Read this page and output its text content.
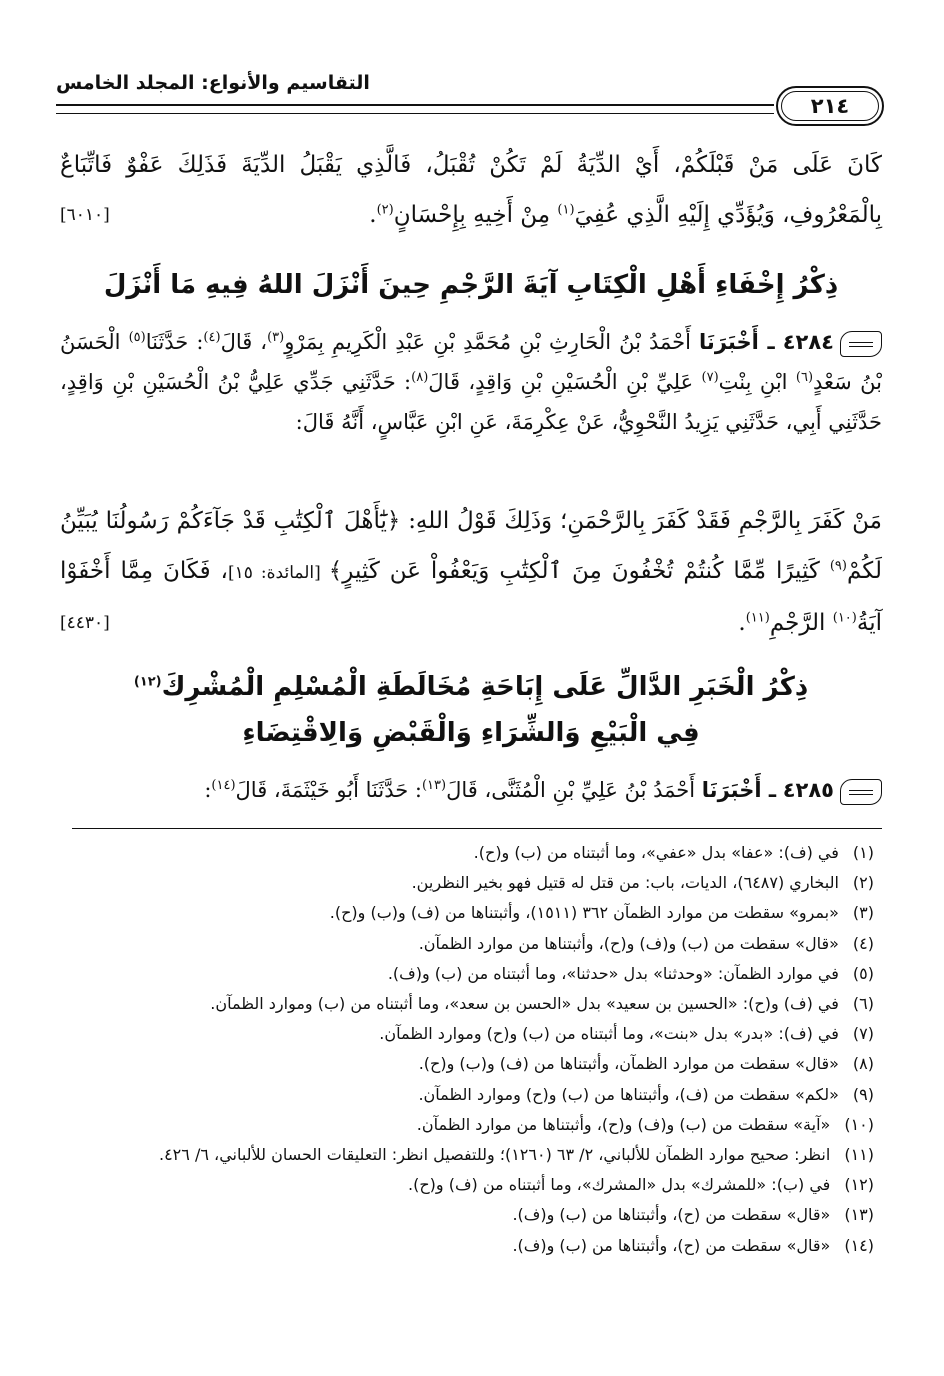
٢١٤
التقاسيم والأنواع: المجلد الخامس
كَانَ عَلَى مَنْ قَبْلَكُمْ، أَيْ الدِّيَةُ لَمْ تَكُنْ تُقْبَلُ، فَالَّذِي يَقْبَلُ الدِّيَةَ فَذَلِكَ عَفْوٌ فَاتِّبَاعٌ بِالْمَعْرُوفِ، وَيُؤَدِّي إِلَيْهِ الَّذِي عُفِيَ$^{(١)}$ مِنْ أَخِيهِ بِإِحْسَانٍ$^{(٢)}$.
[٦٠١٠]
ذِكْرُ إِخْفَاءِ أَهْلِ الْكِتَابِ آيَةَ الرَّجْمِ حِينَ أَنْزَلَ اللهُ فِيهِ مَا أَنْزَلَ
٤٢٨٤ ـ أَخْبَرَنَا أَحْمَدُ بْنُ الْحَارِثِ بْنِ مُحَمَّدِ بْنِ عَبْدِ الْكَرِيمِ بِمَرْوٍ$^{(٣)}$، قَالَ$^{(٤)}$: حَدَّثَنَا$^{(٥)}$ الْحَسَنُ بْنُ سَعْدٍ$^{(٦)}$ ابْنِ بِنْتِ$^{(٧)}$ عَلِيِّ بْنِ الْحُسَيْنِ بْنِ وَاقِدٍ، قَالَ$^{(٨)}$: حَدَّثَنِي جَدِّي عَلِيُّ بْنُ الْحُسَيْنِ بْنِ وَاقِدٍ، حَدَّثَنِي أَبِي، حَدَّثَنِي يَزِيدُ النَّحْوِيُّ، عَنْ عِكْرِمَةَ، عَنِ ابْنِ عَبَّاسٍ، أَنَّهُ قَالَ:
مَنْ كَفَرَ بِالرَّجْمِ فَقَدْ كَفَرَ بِالرَّحْمَنِ؛ وَذَلِكَ قَوْلُ اللهِ: ﴿يَٰٓأَهْلَ ٱلْكِتَٰبِ قَدْ جَآءَكُمْ رَسُولُنَا يُبَيِّنُ لَكُمْ$^{(٩)}$ كَثِيرًا مِّمَّا كُنتُمْ تُخْفُونَ مِنَ ٱلْكِتَٰبِ وَيَعْفُواْ عَن كَثِيرٍ﴾ [المائدة: ١٥]، فَكَانَ مِمَّا أَخْفَوْا آيَةُ$^{(١٠)}$ الرَّجْمِ$^{(١١)}$.
[٤٤٣٠]
ذِكْرُ الْخَبَرِ الدَّالِّ عَلَى إِبَاحَةِ مُخَالَطَةِ الْمُسْلِمِ الْمُشْرِكَ$^{(١٢)}$
فِي الْبَيْعِ وَالشِّرَاءِ وَالْقَبْضِ وَالِاقْتِضَاءِ
٤٢٨٥ ـ أَخْبَرَنَا أَحْمَدُ بْنُ عَلِيِّ بْنِ الْمُثَنَّى، قَالَ$^{(١٣)}$: حَدَّثَنَا أَبُو خَيْثَمَةَ، قَالَ$^{(١٤)}$:
(١)في (ف): «عفا» بدل «عفي»، وما أثبتناه من (ب) و(ح).
(٢)البخاري (٦٤٨٧)، الديات، باب: من قتل له قتيل فهو بخير النظرين.
(٣)«بمرو» سقطت من موارد الظمآن ٣٦٢ (١٥١١)، وأثبتناها من (ف) و(ب) و(ح).
(٤)«قال» سقطت من (ب) و(ف) و(ح)، وأثبتناها من موارد الظمآن.
(٥)في موارد الظمآن: «وحدثنا» بدل «حدثنا»، وما أثبتناه من (ب) و(ف).
(٦)في (ف) و(ح): «الحسين بن سعيد» بدل «الحسن بن سعد»، وما أثبتناه من (ب) وموارد الظمآن.
(٧)في (ف): «بدر» بدل «بنت»، وما أثبتناه من (ب) و(ح) وموارد الظمآن.
(٨)«قال» سقطت من موارد الظمآن، وأثبتناها من (ف) و(ب) و(ح).
(٩)«لكم» سقطت من (ف)، وأثبتناها من (ب) و(ح) وموارد الظمآن.
(١٠)«آية» سقطت من (ب) و(ف) و(ح)، وأثبتناها من موارد الظمآن.
(١١)انظر: صحيح موارد الظمآن للألباني، ٢/ ٦٣ (١٢٦٠)؛ وللتفصيل انظر: التعليقات الحسان للألباني، ٦/ ٤٢٦.
(١٢)في (ب): «للمشرك» بدل «المشرك»، وما أثبتناه من (ف) و(ح).
(١٣)«قال» سقطت من (ح)، وأثبتناها من (ب) و(ف).
(١٤)«قال» سقطت من (ح)، وأثبتناها من (ب) و(ف).
